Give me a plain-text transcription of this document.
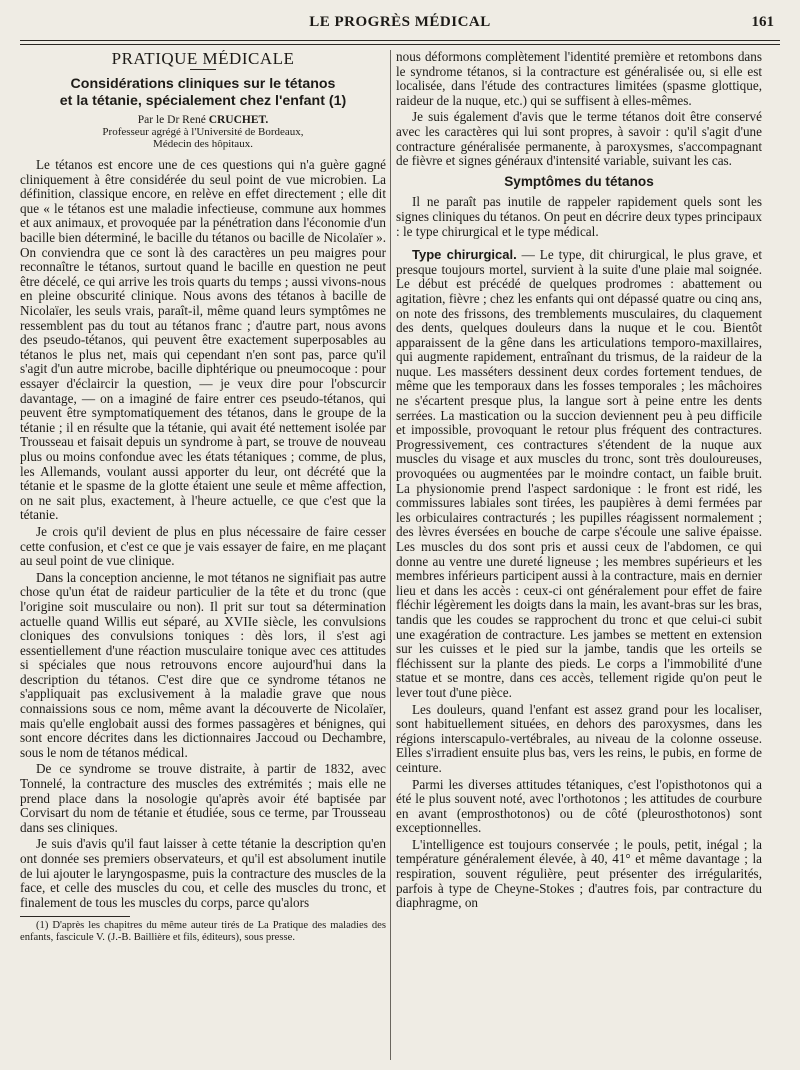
LE PROGRÈS MÉDICAL	161
PRATIQUE MÉDICALE
Considérations cliniques sur le tétanos
et la tétanie, spécialement chez l'enfant (1)
Par le Dr René CRUCHET.
Professeur agrégé à l'Université de Bordeaux,
Médecin des hôpitaux.

Le tétanos est encore une de ces questions qui n'a guère gagné cliniquement à être considérée du seul point de vue microbien. La définition, classique encore, en relève en effet directement ; elle dit que « le tétanos est une maladie infectieuse, commune aux hommes et aux animaux, et provoquée par la pénétration dans l'économie d'un bacille bien déterminé, le bacille du tétanos ou bacille de Nicolaïer ». On conviendra que ce sont là des caractères un peu maigres pour reconnaître le tétanos, surtout quand le bacille en question ne peut être décelé, ce qui arrive les trois quarts du temps ; aussi vivons-nous en pleine obscurité clinique. Nous avons des tétanos à bacille de Nicolaïer, les seuls vrais, paraît-il, même quand leurs symptômes ne ressemblent pas du tout au tétanos franc ; d'autre part, nous avons des pseudo-tétanos, qui peuvent être exactement superposables au tétanos le plus net, mais qui cependant n'en sont pas, parce qu'il s'agit d'un autre microbe, bacille diphtérique ou pneumocoque : pour essayer d'éclaircir la question, — je veux dire pour l'obscurcir davantage, — on a imaginé de faire entrer ces pseudo-tétanos, qui peuvent être symptomatiquement des tétanos, dans le groupe de la tétanie ; il en résulte que la tétanie, qui avait été nettement isolée par Trousseau et faisait depuis un syndrome à part, se trouve de nouveau plus ou moins confondue avec les états tétaniques ; comme, de plus, les Allemands, voulant aussi apporter du leur, ont décrété que la tétanie et le spasme de la glotte étaient une seule et même affection, on ne sait plus, exactement, à l'heure actuelle, ce que c'est que la tétanie.

Je crois qu'il devient de plus en plus nécessaire de faire cesser cette confusion, et c'est ce que je vais essayer de faire, en me plaçant au seul point de vue clinique.

Dans la conception ancienne, le mot tétanos ne signifiait pas autre chose qu'un état de raideur particulier de la tête et du tronc (que l'origine soit musculaire ou non). Il prit sur tout sa détermination actuelle quand Willis eut séparé, au XVIIe siècle, les convulsions cloniques des convulsions toniques : dès lors, il s'est agi essentiellement d'une réaction musculaire tonique avec ces attitudes si spéciales que nous retrouvons encore aujourd'hui dans la description du tétanos. C'est dire que ce syndrome tétanos ne s'appliquait pas exclusivement à la maladie grave que nous connaissions sous ce nom, même avant la découverte de Nicolaïer, mais qu'elle englobait aussi des formes passagères et bénignes, qui sont encore décrites dans les dictionnaires Jaccoud ou Dechambre, sous le nom de tétanos médical.

De ce syndrome se trouve distraite, à partir de 1832, avec Tonnelé, la contracture des muscles des extrémités ; mais elle ne prend place dans la nosologie qu'après avoir été baptisée par Corvisart du nom de tétanie et étudiée, sous ce terme, par Trousseau dans ses cliniques.

Je suis d'avis qu'il faut laisser à cette tétanie la description qu'en ont donnée ses premiers observateurs, et qu'il est absolument inutile de lui ajouter le laryngospasme, puis la contracture des muscles de la face, et celle des muscles du cou, et celle des muscles du tronc, et finalement de tous les muscles du corps, parce qu'alors

(1) D'après les chapitres du même auteur tirés de La Pratique des maladies des enfants, fascicule V. (J.-B. Baillière et fils, éditeurs), sous presse.

nous déformons complètement l'identité première et retombons dans le syndrome tétanos, si la contracture est généralisée ou, si elle est localisée, dans l'étude des contractures limitées (spasme glottique, raideur de la nuque, etc.) qui se suffisent à elles-mêmes.

Je suis également d'avis que le terme tétanos doit être conservé avec les caractères qui lui sont propres, à savoir : qu'il s'agit d'une contracture généralisée permanente, à paroxysmes, s'accompagnant de fièvre et signes généraux d'intensité variable, suivant les cas.

Symptômes du tétanos

Il ne paraît pas inutile de rappeler rapidement quels sont les signes cliniques du tétanos. On peut en décrire deux types principaux : le type chirurgical et le type médical.

Type chirurgical. — Le type, dit chirurgical, le plus grave, et presque toujours mortel, survient à la suite d'une plaie mal soignée. Le début est précédé de quelques prodromes : abattement ou agitation, fièvre ; chez les enfants qui ont dépassé quatre ou cinq ans, on note des frissons, des tremblements musculaires, du claquement des dents, quelques douleurs dans la nuque et le cou. Bientôt apparaissent de la gêne dans les articulations temporo-maxillaires, qui augmente rapidement, entraînant du trismus, de la raideur de la nuque. Les masséters dessinent deux cordes fortement tendues, de même que les temporaux dans les fosses temporales ; les mâchoires ne s'écartent presque plus, la langue sort à peine entre les dents serrées. La mastication ou la succion deviennent peu à peu difficile et impossible, provoquant le retour plus fréquent des contractures. Progressivement, ces contractures s'étendent de la nuque aux muscles du visage et aux muscles du tronc, sont très douloureuses, provoquées ou augmentées par le moindre contact, un faible bruit. La physionomie prend l'aspect sardonique : le front est ridé, les commissures labiales sont tirées, les paupières à demi fermées par les orbiculaires contracturés ; les pupilles réagissent normalement ; des lèvres éversées en bouche de carpe s'écoule une salive épaisse. Les muscles du dos sont pris et aussi ceux de l'abdomen, ce qui donne au ventre une dureté ligneuse ; les membres supérieurs et les membres inférieurs participent aussi à la contracture, mais en dernier lieu et dans les accès : ceux-ci ont généralement pour effet de faire fléchir légèrement les doigts dans la main, les avant-bras sur les bras, tandis que les coudes se rapprochent du tronc et que celui-ci subit une exagération de contracture. Les jambes se mettent en extension sur les cuisses et le pied sur la jambe, tandis que les orteils se fléchissent sur la plante des pieds. Le corps a l'immobilité d'une statue et se montre, dans ces accès, tellement rigide qu'on peut le lever tout d'une pièce.

Les douleurs, quand l'enfant est assez grand pour les localiser, sont habituellement situées, en dehors des paroxysmes, dans les régions interscapulo-vertébrales, au niveau de la colonne osseuse. Elles s'irradient ensuite plus bas, vers les reins, le pubis, en forme de ceinture.

Parmi les diverses attitudes tétaniques, c'est l'opisthotonos qui a été le plus souvent noté, avec l'orthotonos ; les attitudes de courbure en avant (emprosthotonos) ou de côté (pleurosthotonos) sont exceptionnelles.

L'intelligence est toujours conservée ; le pouls, petit, inégal ; la température généralement élevée, à 40, 41° et même davantage ; la respiration, souvent régulière, peut présenter des irrégularités, parfois à type de Cheyne-Stokes ; d'autres fois, par contracture du diaphragme, on
